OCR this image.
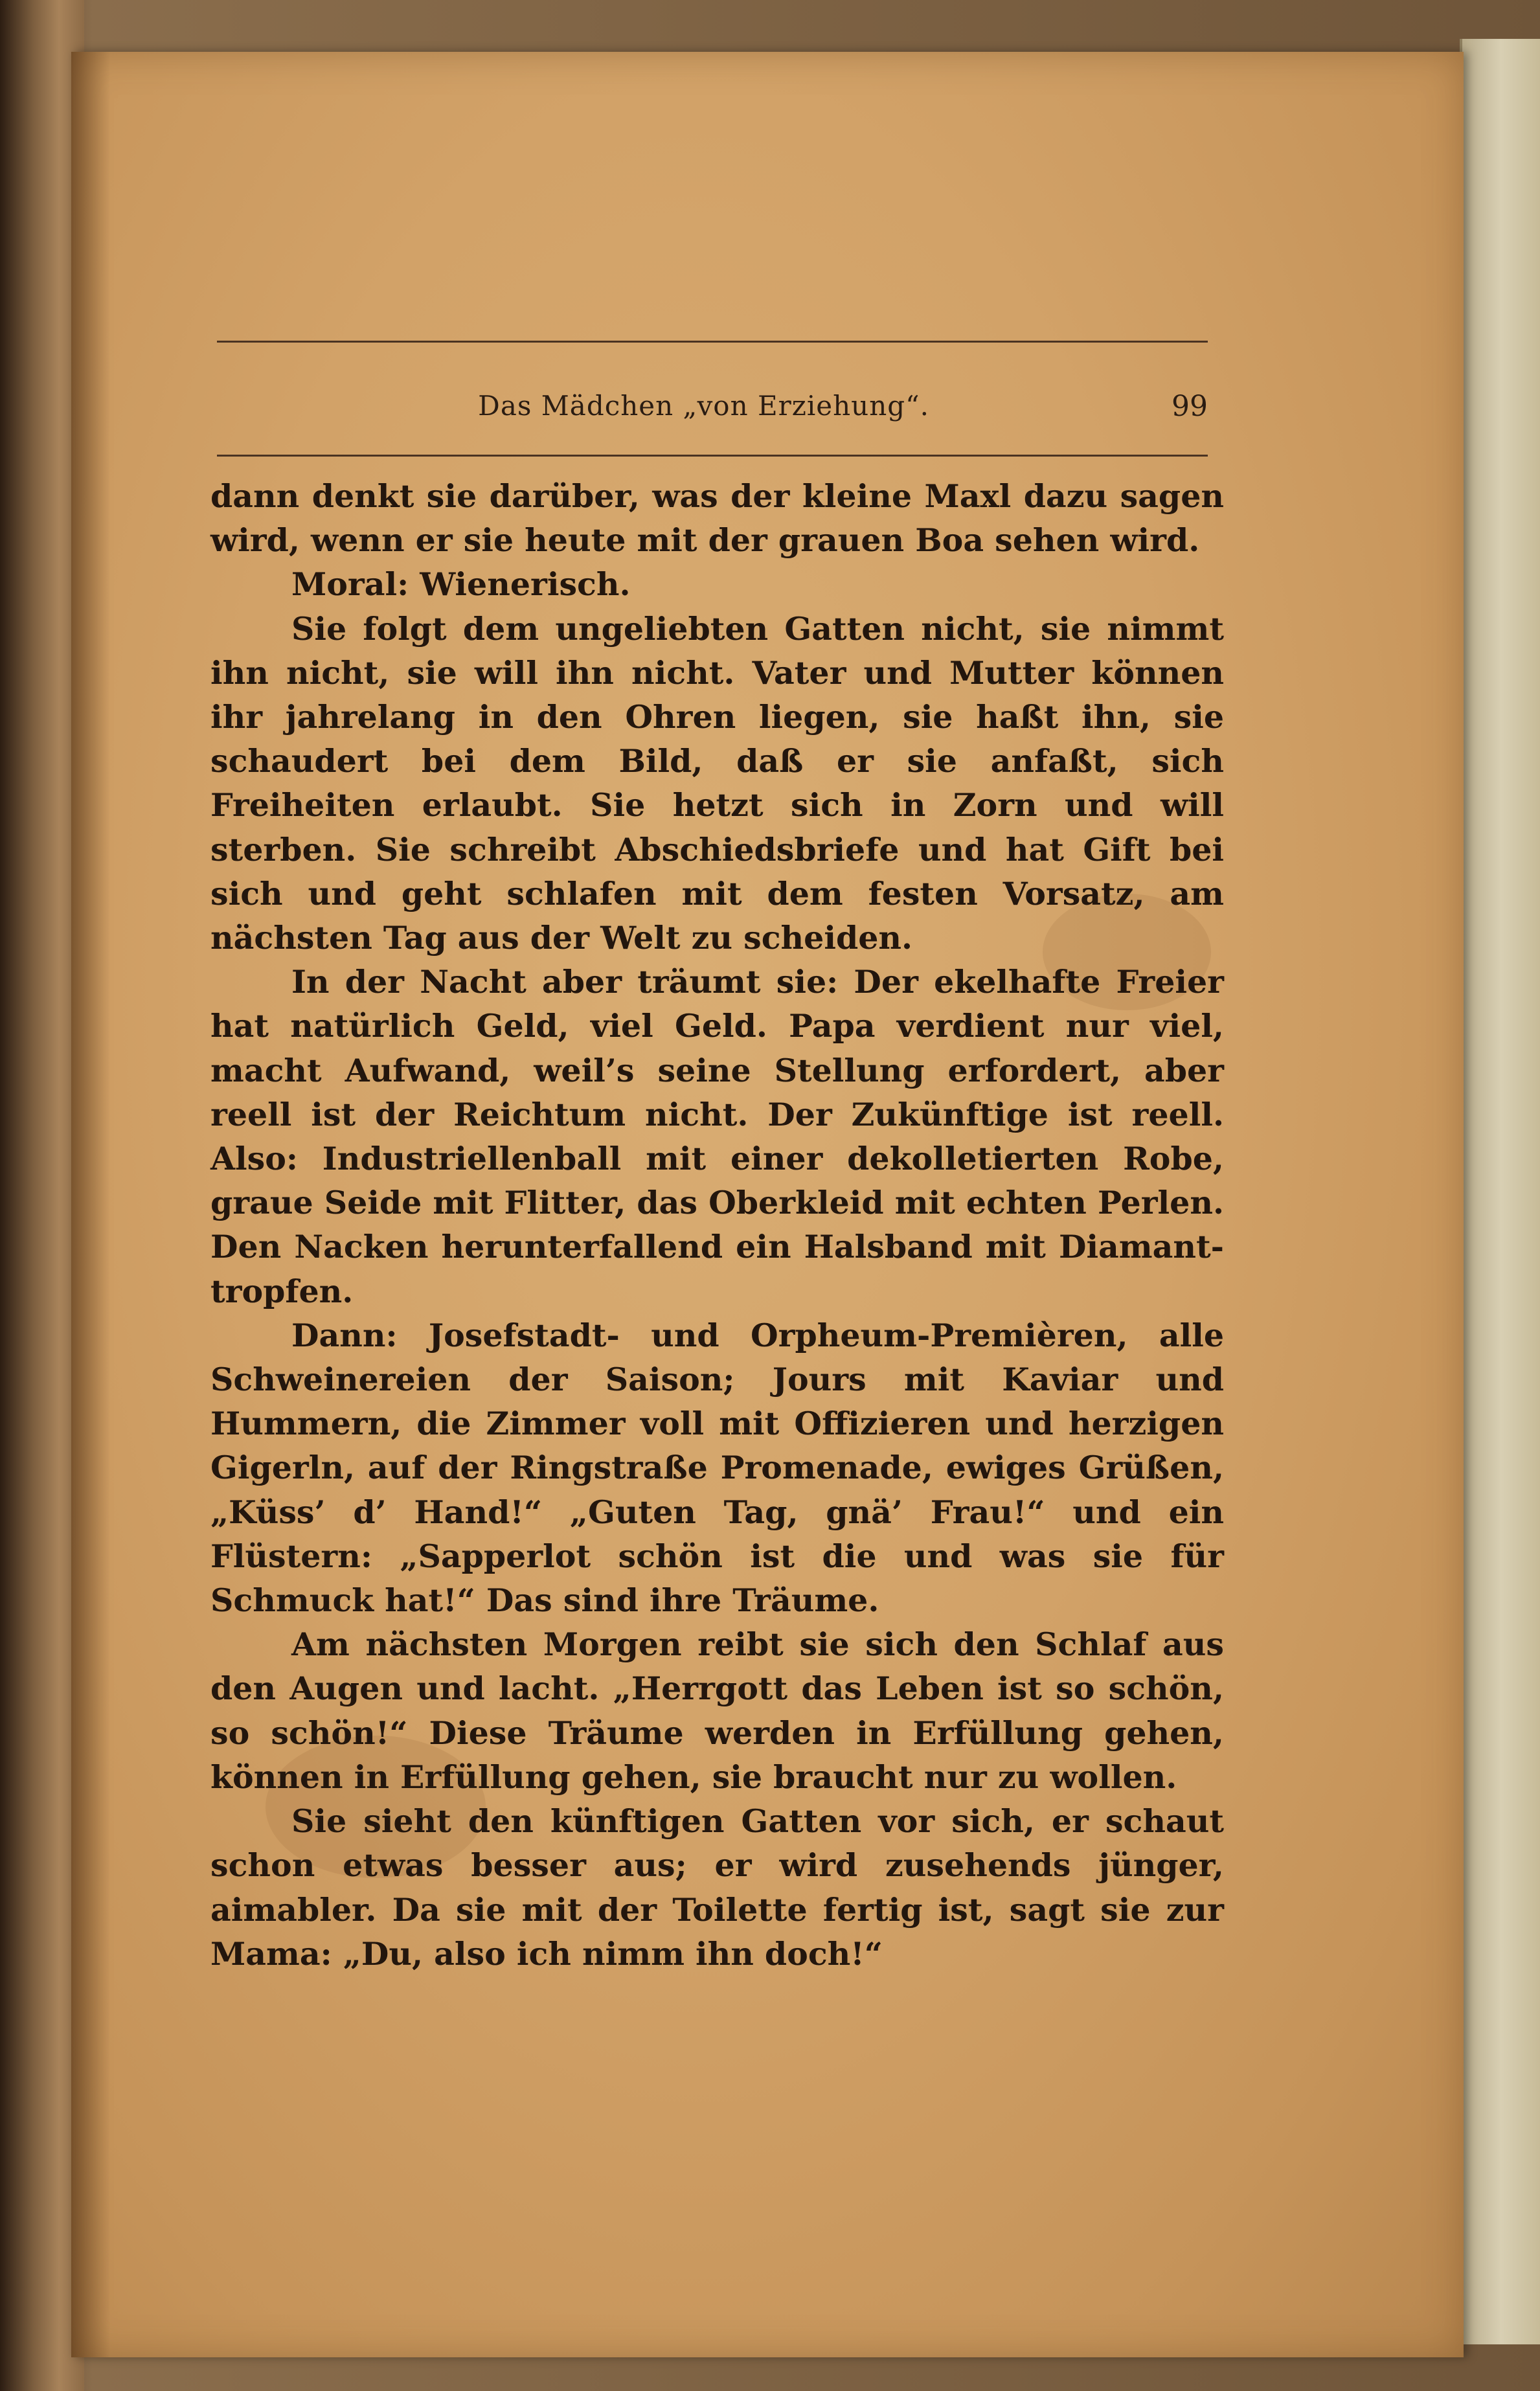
Das Mädchen „von Erziehung“.	99

dann denkt sie darüber, was der kleine Maxl dazu sagen wird, wenn er sie heute mit der grauen Boa sehen wird.

Moral: Wienerisch.

Sie folgt dem ungeliebten Gatten nicht, sie nimmt ihn nicht, sie will ihn nicht. Vater und Mutter können ihr jahrelang in den Ohren liegen, sie haßt ihn, sie schaudert bei dem Bild, daß er sie anfaßt, sich Freiheiten erlaubt. Sie hetzt sich in Zorn und will sterben. Sie schreibt Abschiedsbriefe und hat Gift bei sich und geht schlafen mit dem festen Vorsatz, am nächsten Tag aus der Welt zu scheiden.

In der Nacht aber träumt sie: Der ekelhafte Freier hat natürlich Geld, viel Geld. Papa verdient nur viel, macht Aufwand, weil’s seine Stellung erfordert, aber reell ist der Reichtum nicht. Der Zukünftige ist reell. Also: Industriellenball mit einer dekolletierten Robe, graue Seide mit Flitter, das Oberkleid mit echten Perlen. Den Nacken herunterfallend ein Halsband mit Diamant-tropfen.

Dann: Josefstadt- und Orpheum-Premièren, alle Schweinereien der Saison; Jours mit Kaviar und Hummern, die Zimmer voll mit Offizieren und herzigen Gigerln, auf der Ringstraße Promenade, ewiges Grüßen, „Küss’ d’ Hand!“ „Guten Tag, gnä’ Frau!“ und ein Flüstern: „Sapperlot schön ist die und was sie für Schmuck hat!“ Das sind ihre Träume.

Am nächsten Morgen reibt sie sich den Schlaf aus den Augen und lacht. „Herrgott das Leben ist so schön, so schön!“ Diese Träume werden in Erfüllung gehen, können in Erfüllung gehen, sie braucht nur zu wollen.

Sie sieht den künftigen Gatten vor sich, er schaut schon etwas besser aus; er wird zusehends jünger, aimabler. Da sie mit der Toilette fertig ist, sagt sie zur Mama: „Du, also ich nimm ihn doch!“
